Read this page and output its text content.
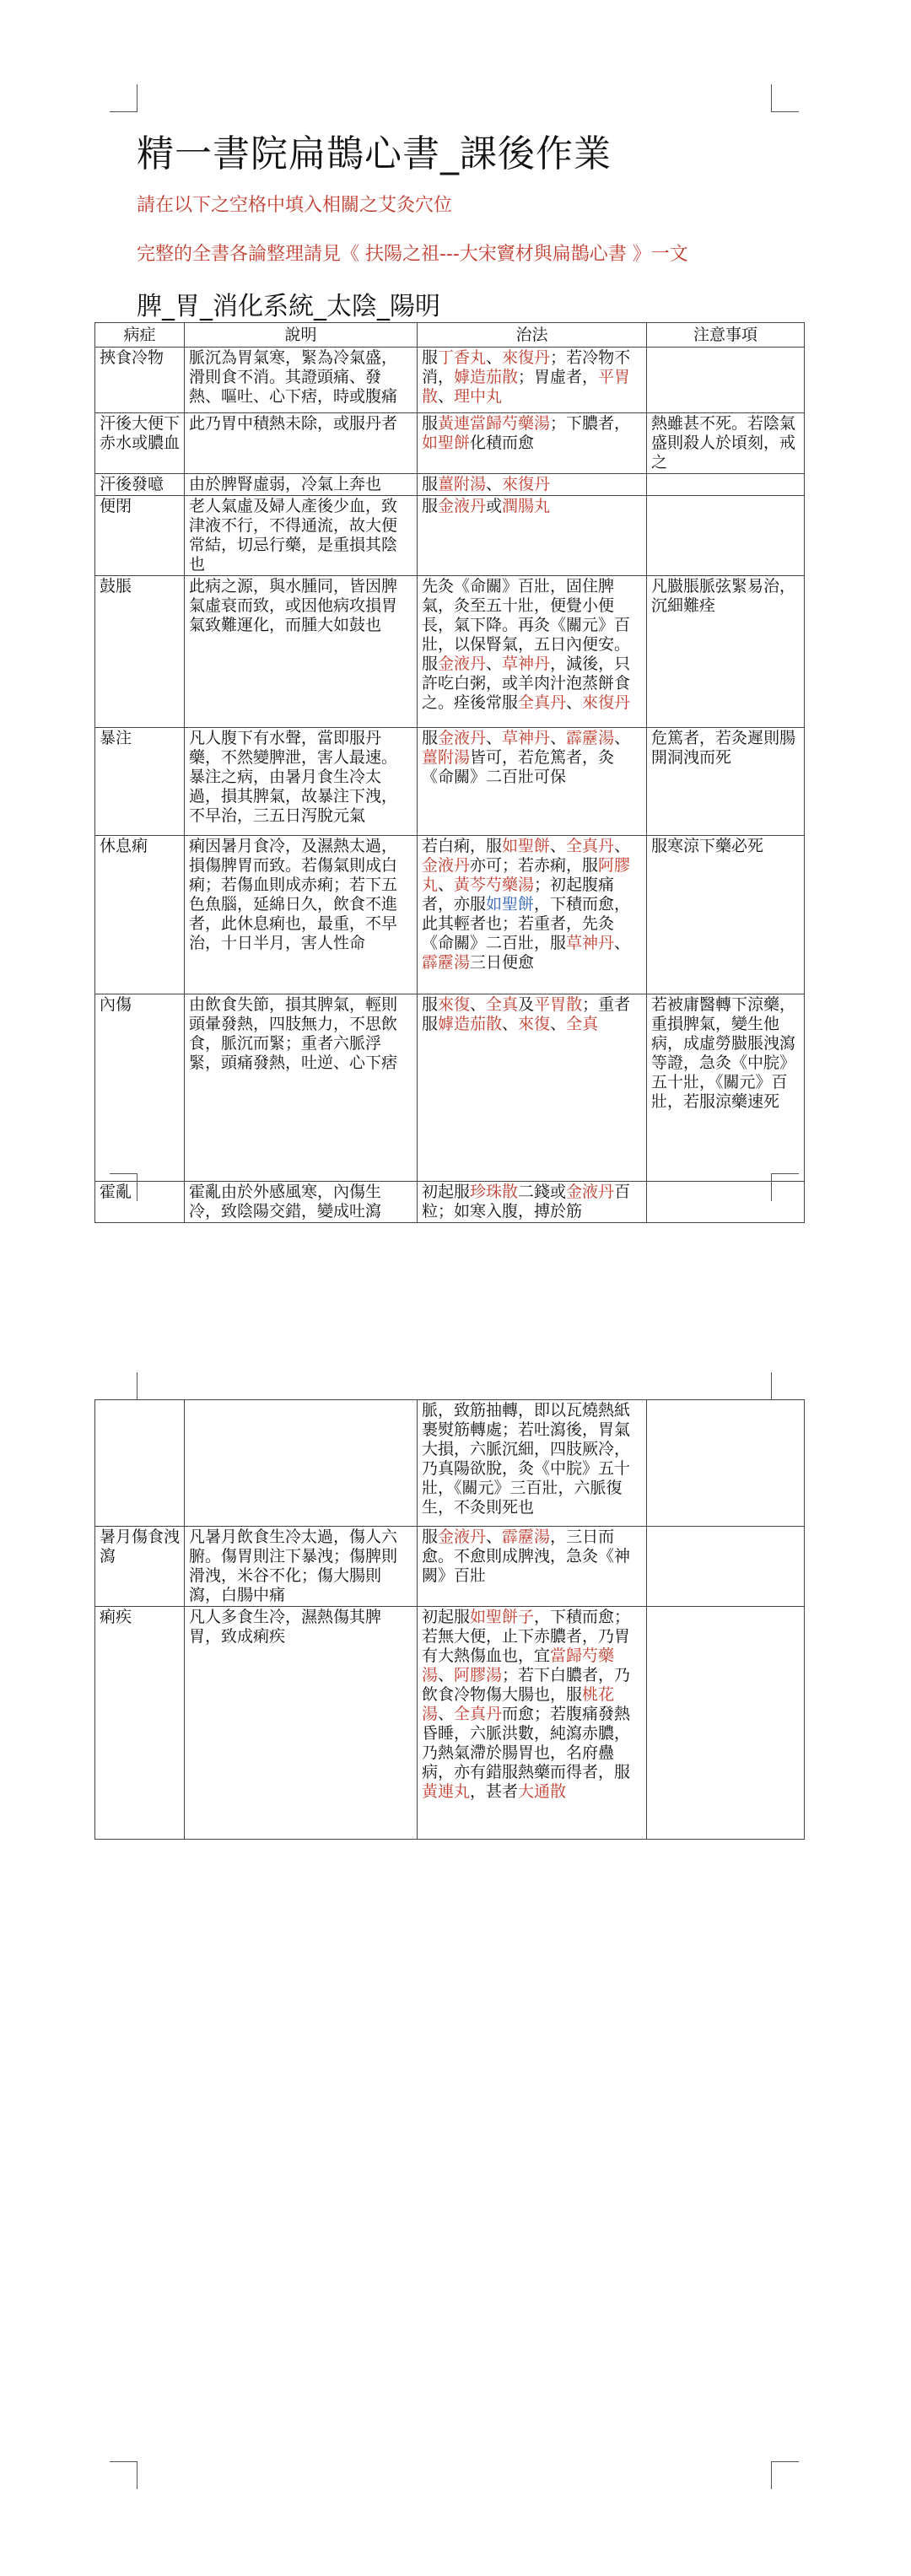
精一書院扁鵲心書_課後作業
請在以下之空格中填入相關之艾灸穴位
完整的全書各論整理請見《 扶陽之祖---大宋竇材與扁鵲心書 》一文
脾_胃_消化系統_太陰_陽明
病症	說明	治法	注意事項
挾食冷物	脈沉為胃氣寒，緊為冷氣盛，滑則食不消。其證頭痛、發熱、嘔吐、心下痞，時或腹痛	服丁香丸、來復丹；若冷物不消，嫭造茄散；胃虛者，平胃散、理中丸	
汗後大便下赤水或膿血	此乃胃中積熱未除，或服丹者	服黃連當歸芍藥湯；下膿者，如聖餅化積而愈	熱雖甚不死。若陰氣盛則殺人於頃刻，戒之
汗後發噫	由於脾腎虛弱，冷氣上奔也	服薑附湯、來復丹	
便閉	老人氣虛及婦人產後少血，致津液不行，不得通流，故大便常結，切忌行藥，是重損其陰也	服金液丹或潤腸丸	
鼓脹	此病之源，與水腫同，皆因脾氣虛衰而致，或因他病攻損胃氣致難運化，而腫大如鼓也	先灸《命關》百壯，固住脾氣，灸至五十壯，便覺小便長，氣下降。再灸《關元》百壯，以保腎氣，五日內便安。服金液丹、草神丹，減後，只許吃白粥，或羊肉汁泡蒸餅食之。痊後常服全真丹、來復丹	凡臌脹脈弦緊易治，沉細難痊
暴注	凡人腹下有水聲，當即服丹藥，不然變脾泄，害人最速。暴注之病，由暑月食生冷太過，損其脾氣，故暴注下洩，不早治，三五日泻脫元氣	服金液丹、草神丹、霹靂湯、薑附湯皆可，若危篤者，灸《命關》二百壯可保	危篤者，若灸遲則腸開洞洩而死
休息痢	痢因暑月食冷，及濕熱太過，損傷脾胃而致。若傷氣則成白痢；若傷血則成赤痢；若下五色魚腦，延綿日久，飲食不進者，此休息痢也，最重，不早治，十日半月，害人性命	若白痢，服如聖餅、全真丹、金液丹亦可；若赤痢，服阿膠丸、黃芩芍藥湯；初起腹痛者，亦服如聖餅，下積而愈，此其輕者也；若重者，先灸《命關》二百壯，服草神丹、霹靂湯三日便愈	服寒涼下藥必死
內傷	由飲食失節，損其脾氣，輕則頭暈發熱，四肢無力，不思飲食，脈沉而緊；重者六脈浮緊，頭痛發熱，吐逆、心下痞	服來復、全真及平胃散；重者服嫭造茄散、來復、全真	若被庸醫轉下涼藥，重損脾氣，變生他病，成虛勞臌脹洩瀉等證，急灸《中脘》五十壯，《關元》百壯，若服涼藥速死
霍亂	霍亂由於外感風寒，內傷生冷，致陰陽交錯，變成吐瀉	初起服珍珠散二錢或金液丹百粒；如寒入腹，搏於筋	
		脈，致筋抽轉，即以瓦燒熱紙裹熨筋轉處；若吐瀉後，胃氣大損，六脈沉細，四肢厥冷，乃真陽欲脫，灸《中脘》五十壯，《關元》三百壯，六脈復生，不灸則死也	
暑月傷食洩瀉	凡暑月飲食生冷太過，傷人六腑。傷胃則注下暴洩；傷脾則滑洩，米谷不化；傷大腸則瀉，白腸中痛	服金液丹、霹靂湯，三日而愈。不愈則成脾洩，急灸《神闕》百壯	
痢疾	凡人多食生冷，濕熱傷其脾胃，致成痢疾	初起服如聖餅子，下積而愈；若無大便，止下赤膿者，乃胃有大熱傷血也，宜當歸芍藥湯、阿膠湯；若下白膿者，乃飲食冷物傷大腸也，服桃花湯、全真丹而愈；若腹痛發熱昏睡，六脈洪數，純瀉赤膿，乃熱氣滯於腸胃也，名府蠱病，亦有錯服熱藥而得者，服黃連丸，甚者大通散	
